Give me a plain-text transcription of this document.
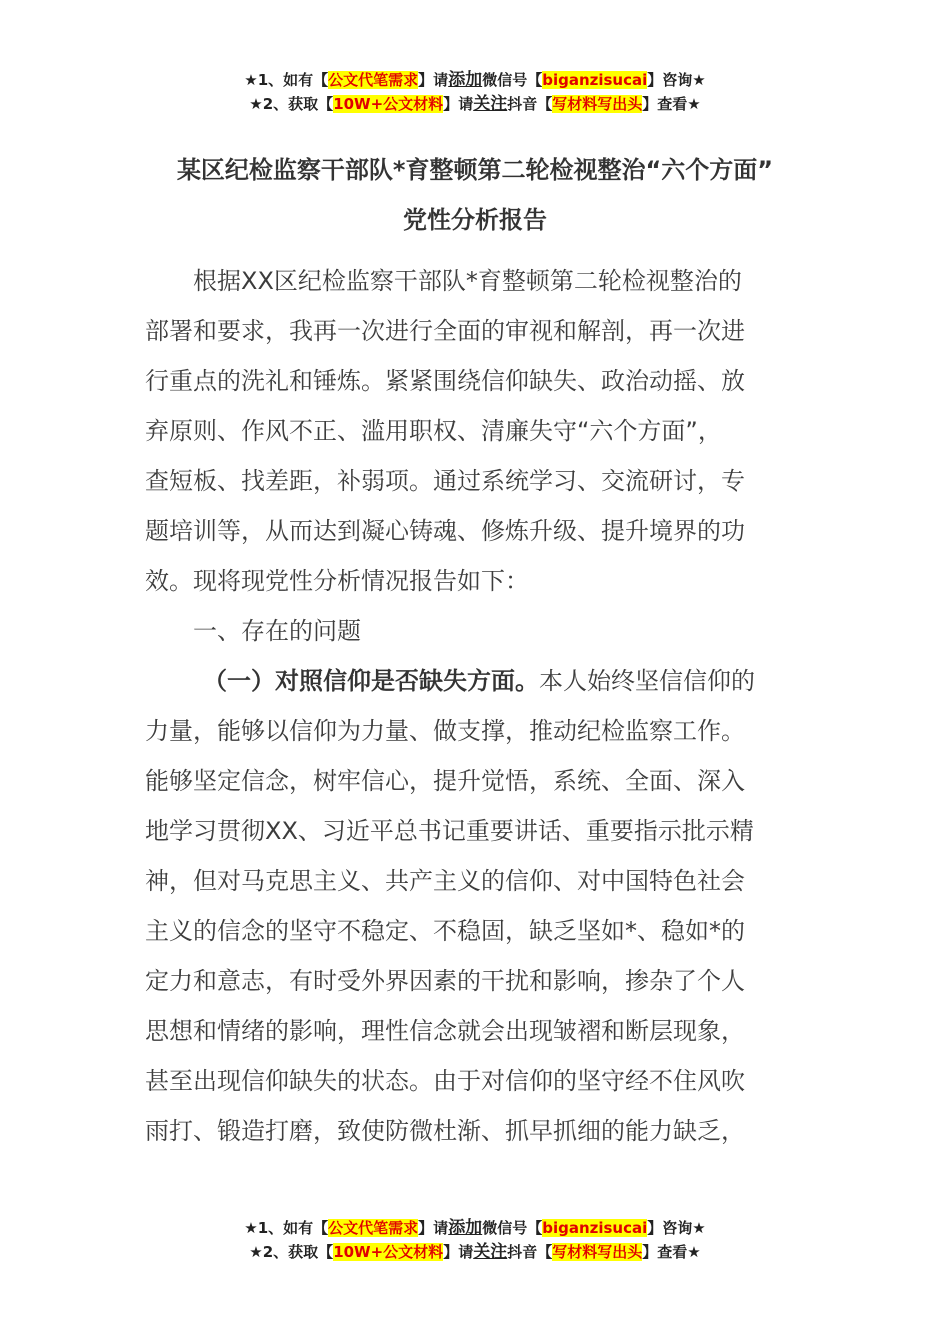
★1、如有【公文代笔需求】请添加微信号【biganzisucai】咨询★
★2、获取【10W+公文材料】请关注抖音【写材料写出头】查看★
某区纪检监察干部队*育整顿第二轮检视整治“六个方面”
党性分析报告
根据XX区纪检监察干部队*育整顿第二轮检视整治的
部署和要求，我再一次进行全面的审视和解剖，再一次进
行重点的洗礼和锤炼。紧紧围绕信仰缺失、政治动摇、放
弃原则、作风不正、滥用职权、清廉失守“六个方面”，
查短板、找差距，补弱项。通过系统学习、交流研讨，专
题培训等，从而达到凝心铸魂、修炼升级、提升境界的功
效。现将现党性分析情况报告如下：
一、存在的问题
（一）对照信仰是否缺失方面。本人始终坚信信仰的
力量，能够以信仰为力量、做支撑，推动纪检监察工作。
能够坚定信念，树牢信心，提升觉悟，系统、全面、深入
地学习贯彻XX、习近平总书记重要讲话、重要指示批示精
神，但对马克思主义、共产主义的信仰、对中国特色社会
主义的信念的坚守不稳定、不稳固，缺乏坚如*、稳如*的
定力和意志，有时受外界因素的干扰和影响，掺杂了个人
思想和情绪的影响，理性信念就会出现皱褶和断层现象，
甚至出现信仰缺失的状态。由于对信仰的坚守经不住风吹
雨打、锻造打磨，致使防微杜渐、抓早抓细的能力缺乏，
★1、如有【公文代笔需求】请添加微信号【biganzisucai】咨询★
★2、获取【10W+公文材料】请关注抖音【写材料写出头】查看★
